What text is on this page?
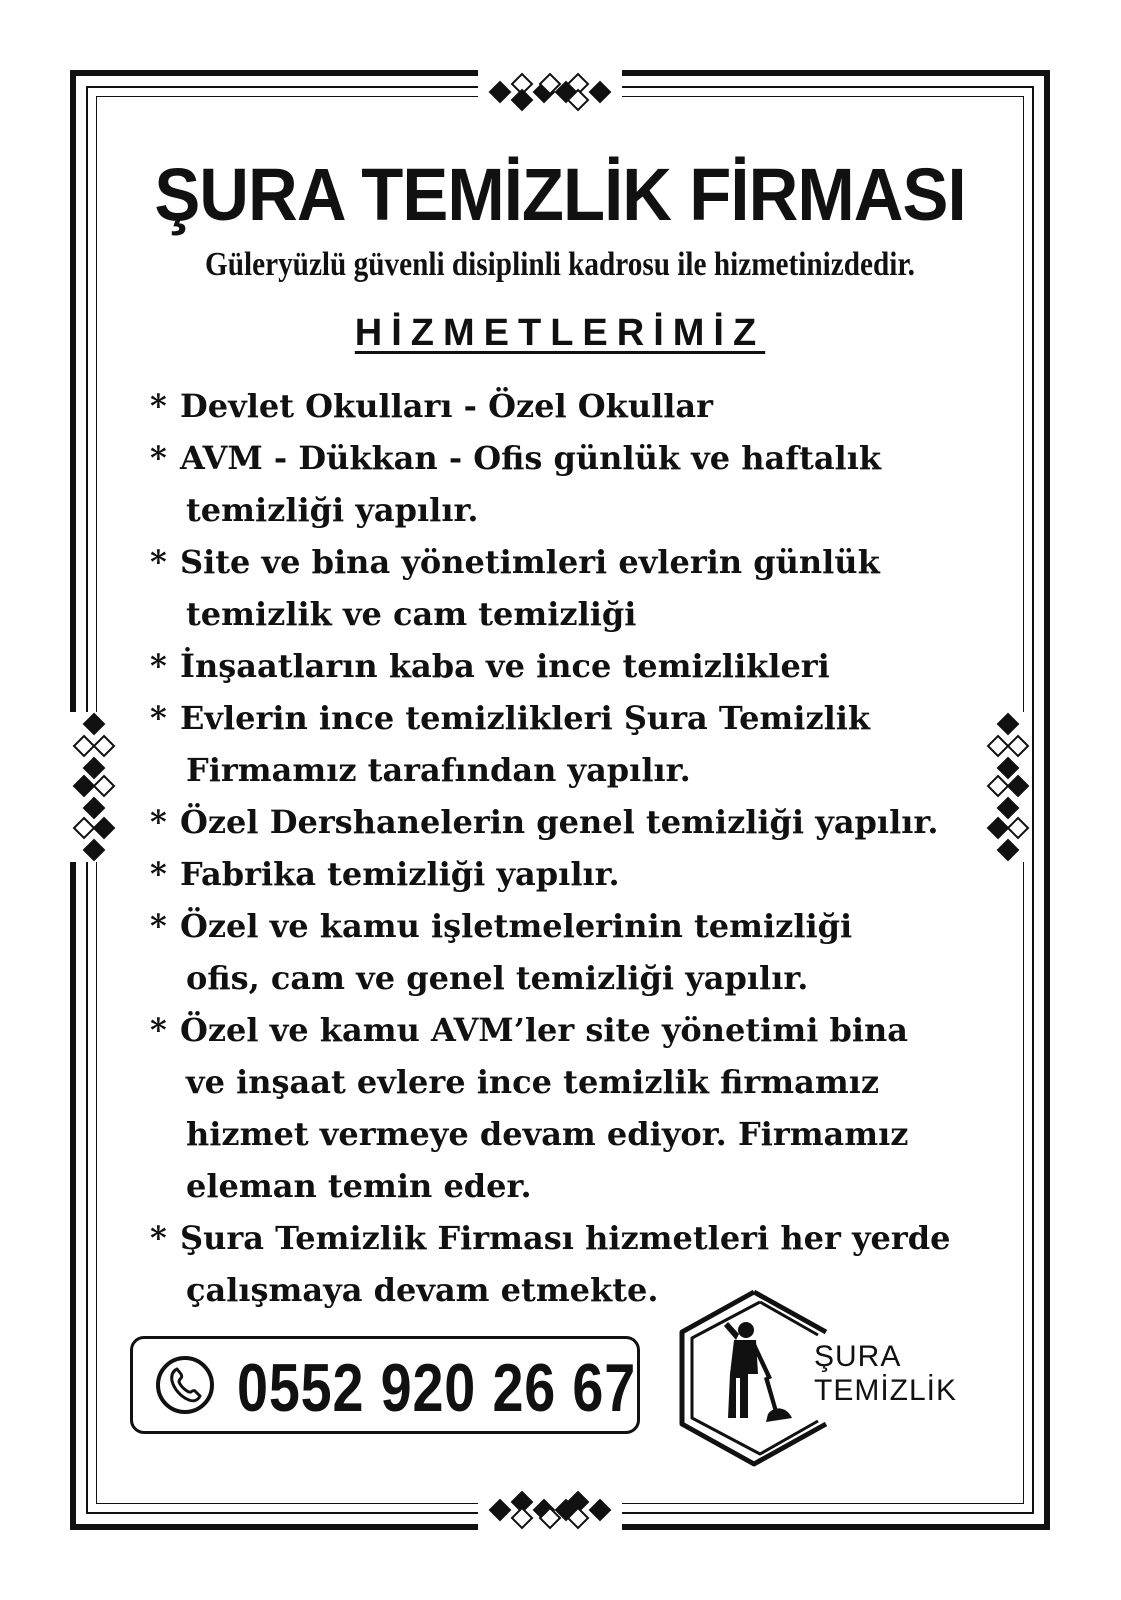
ŞURA TEMİZLİK FİRMASI
Güleryüzlü güvenli disiplinli kadrosu ile hizmetinizdedir.
HİZMETLERİMİZ
* Devlet Okulları - Özel Okullar
* AVM - Dükkan - Ofis günlük ve haftalık
temizliği yapılır.
* Site ve bina yönetimleri evlerin günlük
temizlik ve cam temizliği
* İnşaatların kaba ve ince temizlikleri
* Evlerin ince temizlikleri Şura Temizlik
Firmamız tarafından yapılır.
* Özel Dershanelerin genel temizliği yapılır.
* Fabrika temizliği yapılır.
* Özel ve kamu işletmelerinin temizliği
ofis, cam ve genel temizliği yapılır.
* Özel ve kamu AVM’ler site yönetimi bina
ve inşaat evlere ince temizlik firmamız
hizmet vermeye devam ediyor. Firmamız
eleman temin eder.
* Şura Temizlik Firması hizmetleri her yerde
çalışmaya devam etmekte.
0552 920 26 67	ŞURA
TEMİZLİK
